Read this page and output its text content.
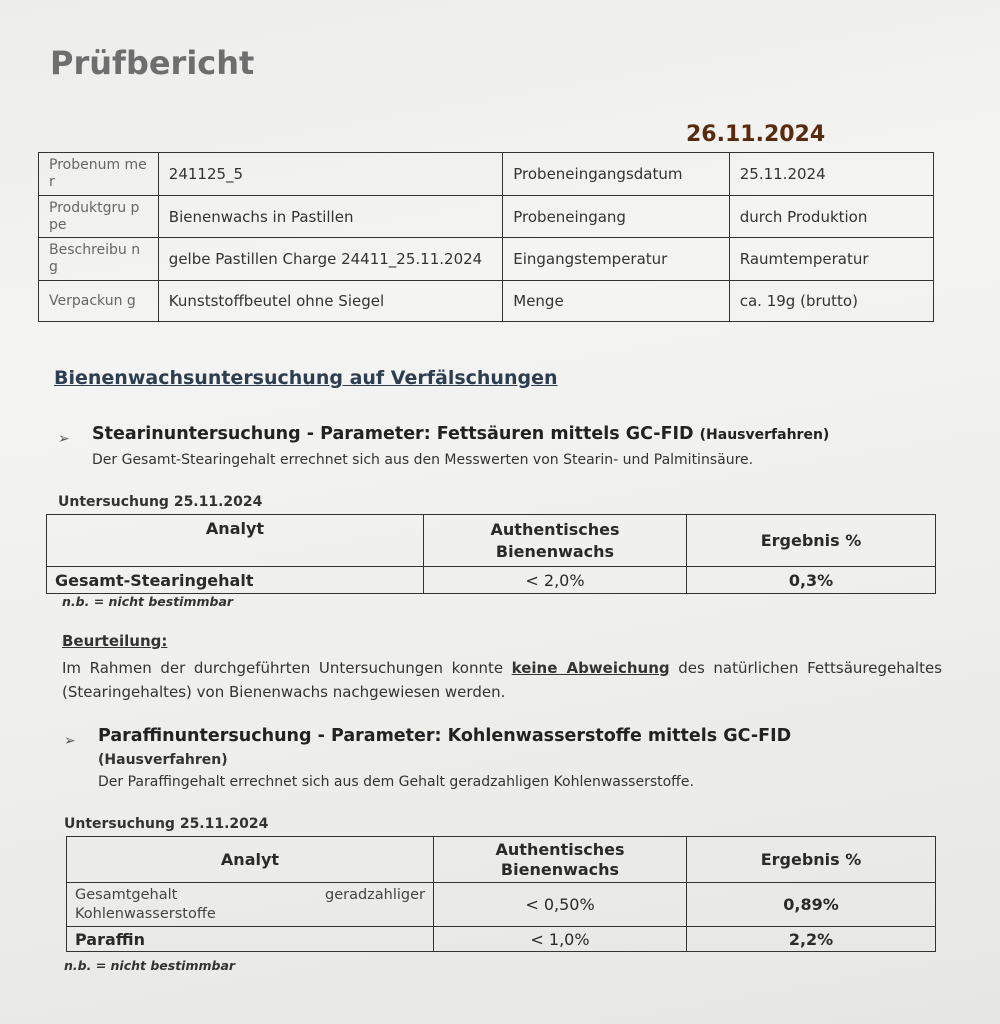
Prüfbericht
26.11.2024
Probenum mer	241125_5	Probeneingangsdatum	25.11.2024
Produktgru ppe	Bienenwachs in Pastillen	Probeneingang	durch Produktion
Beschreibu ng	gelbe Pastillen Charge 24411_25.11.2024	Eingangstemperatur	Raumtemperatur
Verpackun g	Kunststoffbeutel ohne Siegel	Menge	ca. 19g (brutto)
Bienenwachsuntersuchung auf Verfälschungen
➢ Stearinuntersuchung - Parameter: Fettsäuren mittels GC-FID (Hausverfahren)
Der Gesamt-Stearingehalt errechnet sich aus den Messwerten von Stearin- und Palmitinsäure.
Untersuchung 25.11.2024
Analyt	Authentisches Bienenwachs	Ergebnis %
Gesamt-Stearingehalt	< 2,0%	0,3%
n.b. = nicht bestimmbar
Beurteilung:
Im Rahmen der durchgeführten Untersuchungen konnte keine Abweichung des natürlichen Fettsäuregehaltes (Stearingehaltes) von Bienenwachs nachgewiesen werden.
➢ Paraffinuntersuchung - Parameter: Kohlenwasserstoffe mittels GC-FID
(Hausverfahren)
Der Paraffingehalt errechnet sich aus dem Gehalt geradzahligen Kohlenwasserstoffe.
Untersuchung 25.11.2024
Analyt	Authentisches Bienenwachs	Ergebnis %
Gesamtgehalt geradzahliger Kohlenwasserstoffe	< 0,50%	0,89%
Paraffin	< 1,0%	2,2%
n.b. = nicht bestimmbar
